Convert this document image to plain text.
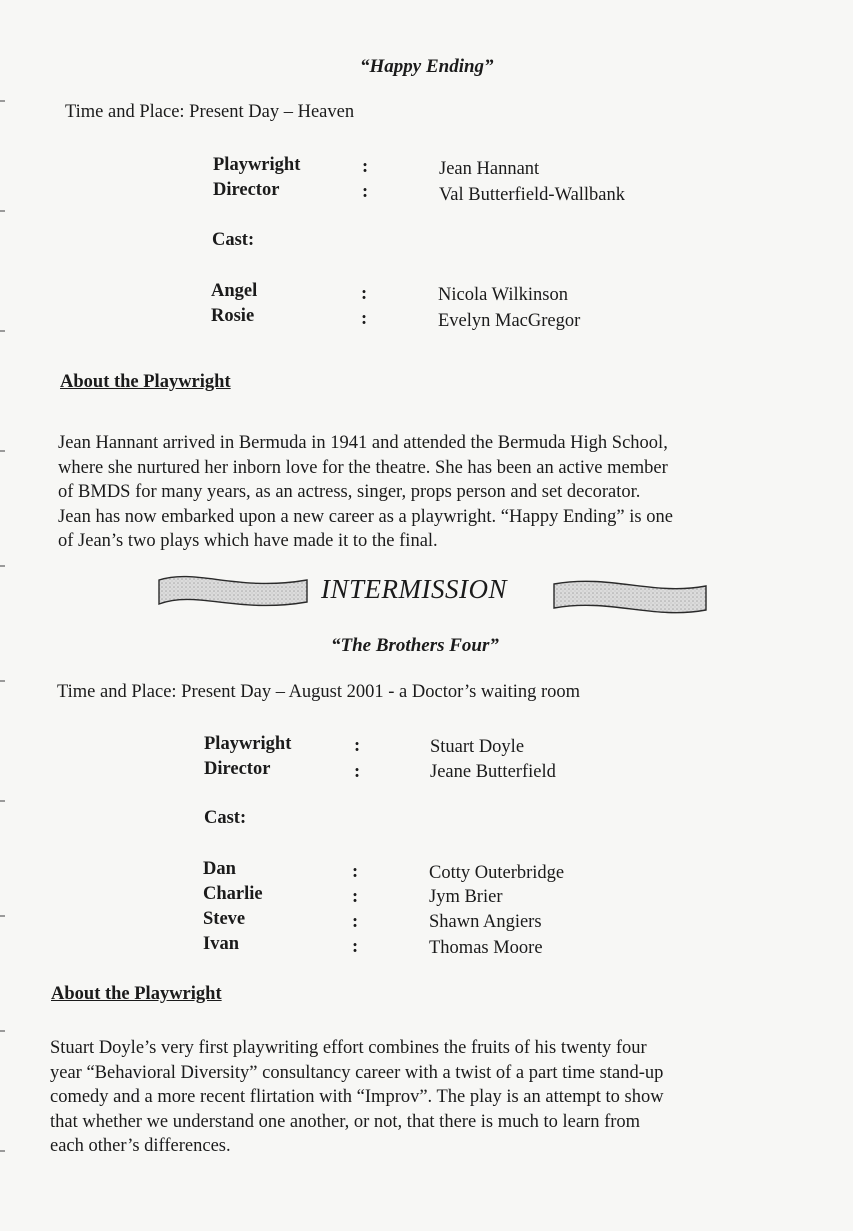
“Happy Ending”
Time and Place: Present Day – Heaven
Playwright	:	Jean Hannant
Director	:	Val Butterfield-Wallbank
Cast:
Angel	:	Nicola Wilkinson
Rosie	:	Evelyn MacGregor
About the Playwright

Jean Hannant arrived in Bermuda in 1941 and attended the Bermuda High School,

where she nurtured her inborn love for the theatre. She has been an active member

of BMDS for many years, as an actress, singer, props person and set decorator.

Jean has now embarked upon a new career as a playwright. “Happy Ending” is one

of Jean’s two plays which have made it to the final.

INTERMISSION
“The Brothers Four”
Time and Place: Present Day – August 2001 - a Doctor’s waiting room
Playwright	:	Stuart Doyle
Director	:	Jeane Butterfield
Cast:
Dan	:	Cotty Outerbridge
Charlie	:	Jym Brier
Steve	:	Shawn Angiers
Ivan	:	Thomas Moore
About the Playwright

Stuart Doyle’s very first playwriting effort combines the fruits of his twenty four

year “Behavioral Diversity” consultancy career with a twist of a part time stand-up

comedy and a more recent flirtation with “Improv”. The play is an attempt to show

that whether we understand one another, or not, that there is much to learn from

each other’s differences.
